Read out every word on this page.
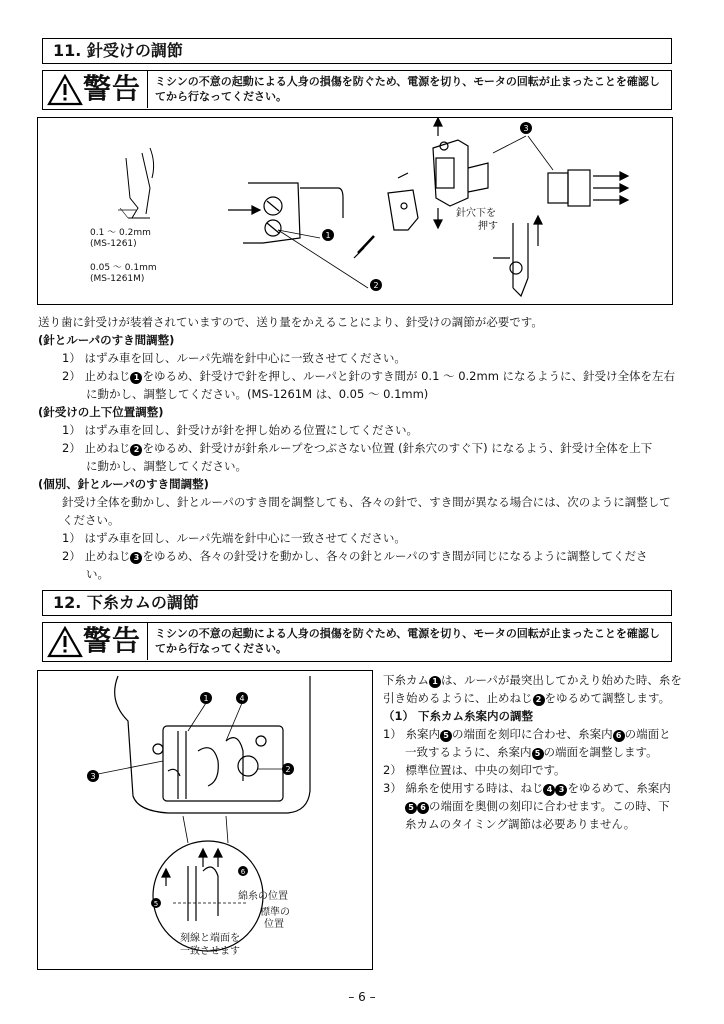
11. 針受けの調節
警告 ミシンの不意の起動による人身の損傷を防ぐため、電源を切り、モータの回転が止まったことを確認し
てから行なってください。
1
2
3
0.1 ～ 0.2mm
(MS-1261)
0.05 ～ 0.1mm
(MS-1261M)
針穴下を
押す
送り歯に針受けが装着されていますので、送り量をかえることにより、針受けの調節が必要です。
(針とルーパのすき間調整)
1） はずみ車を回し、ルーパ先端を針中心に一致させてください。
2） 止めねじ 1 をゆるめ、針受けで針を押し、ルーパと針のすき間が 0.1 ～ 0.2mm になるように、針受け全体を左右
に動かし、調整してください。(MS-1261M は、0.05 ～ 0.1mm)
(針受けの上下位置調整)
1） はずみ車を回し、針受けが針を押し始める位置にしてください。
2） 止めねじ 2 をゆるめ、針受けが針糸ループをつぶさない位置 (針糸穴のすぐ下) になるよう、針受け全体を上下
に動かし、調整してください。
(個別、針とルーパのすき間調整)
針受け全体を動かし、針とルーパのすき間を調整しても、各々の針で、すき間が異なる場合には、次のように調整して
ください。
1） はずみ車を回し、ルーパ先端を針中心に一致させてください。
2） 止めねじ 3 をゆるめ、各々の針受けを動かし、各々の針とルーパのすき間が同じになるように調整してくださ
い。
12. 下糸カムの調節
警告 ミシンの不意の起動による人身の損傷を防ぐため、電源を切り、モータの回転が止まったことを確認し
てから行なってください。
1
2
3
4
5
6
綿糸の位置
標準の
位置
刻線と端面を
一致させます
下糸カム 1 は、ルーパが最突出してかえり始めた時、糸を
引き始めるように、止めねじ 2 をゆるめて調整します。
（1） 下糸カム糸案内の調整
1） 糸案内 5 の端面を刻印に合わせ、糸案内 6 の端面と
一致するように、糸案内 5 の端面を調整します。
2） 標準位置は、中央の刻印です。
3） 綿糸を使用する時は、ねじ 4 3 をゆるめて、糸案内
5 6 の端面を奥側の刻印に合わせます。この時、下
糸カムのタイミング調節は必要ありません。
– 6 –
